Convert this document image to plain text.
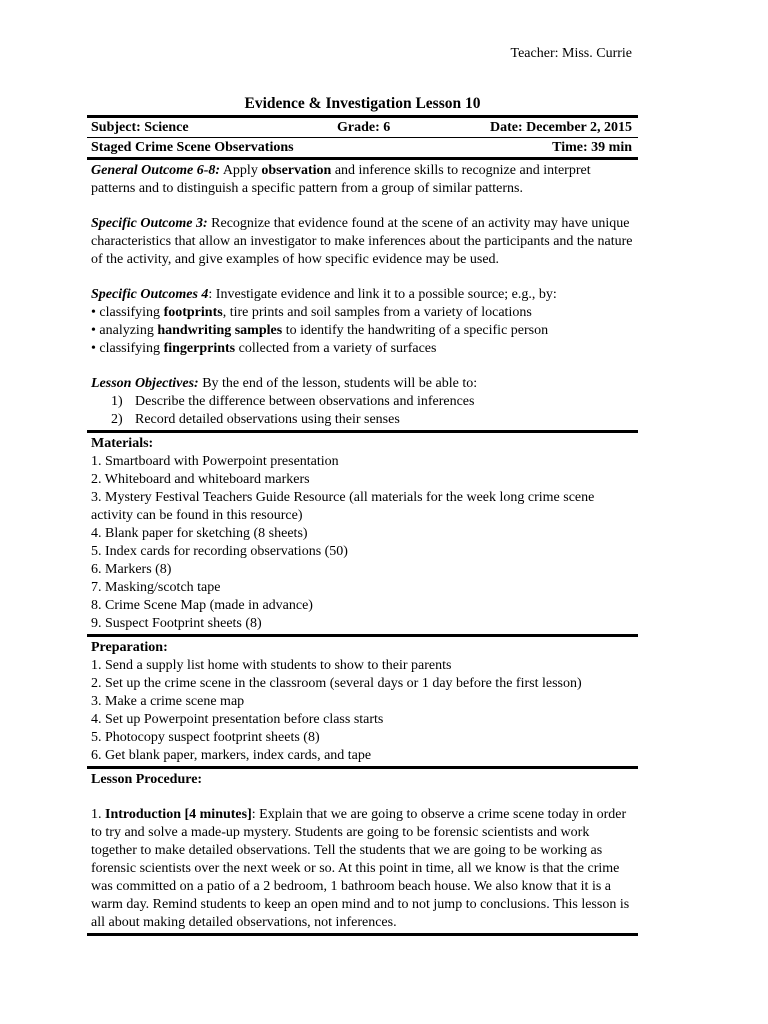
Teacher: Miss. Currie
Evidence & Investigation Lesson 10
Subject: Science	Grade: 6	Date: December 2, 2015
Staged Crime Scene Observations	Time: 39 min

General Outcome 6-8: Apply observation and inference skills to recognize and interpret patterns and to distinguish a specific pattern from a group of similar patterns.

Specific Outcome 3: Recognize that evidence found at the scene of an activity may have unique characteristics that allow an investigator to make inferences about the participants and the nature of the activity, and give examples of how specific evidence may be used.

Specific Outcomes 4: Investigate evidence and link it to a possible source; e.g., by:

• classifying footprints, tire prints and soil samples from a variety of locations

• analyzing handwriting samples to identify the handwriting of a specific person

• classifying fingerprints collected from a variety of surfaces

Lesson Objectives: By the end of the lesson, students will be able to:

1) Describe the difference between observations and inferences

2) Record detailed observations using their senses

Materials:

1. Smartboard with Powerpoint presentation

2. Whiteboard and whiteboard markers

3. Mystery Festival Teachers Guide Resource (all materials for the week long crime scene activity can be found in this resource)

4. Blank paper for sketching (8 sheets)

5. Index cards for recording observations (50)

6. Markers (8)

7. Masking/scotch tape

8. Crime Scene Map (made in advance)

9. Suspect Footprint sheets (8)

Preparation:

1. Send a supply list home with students to show to their parents

2. Set up the crime scene in the classroom (several days or 1 day before the first lesson)

3. Make a crime scene map

4. Set up Powerpoint presentation before class starts

5. Photocopy suspect footprint sheets (8)

6. Get blank paper, markers, index cards, and tape

Lesson Procedure:

1. Introduction [4 minutes]: Explain that we are going to observe a crime scene today in order to try and solve a made-up mystery. Students are going to be forensic scientists and work together to make detailed observations. Tell the students that we are going to be working as forensic scientists over the next week or so. At this point in time, all we know is that the crime was committed on a patio of a 2 bedroom, 1 bathroom beach house. We also know that it is a warm day. Remind students to keep an open mind and to not jump to conclusions. This lesson is all about making detailed observations, not inferences.
